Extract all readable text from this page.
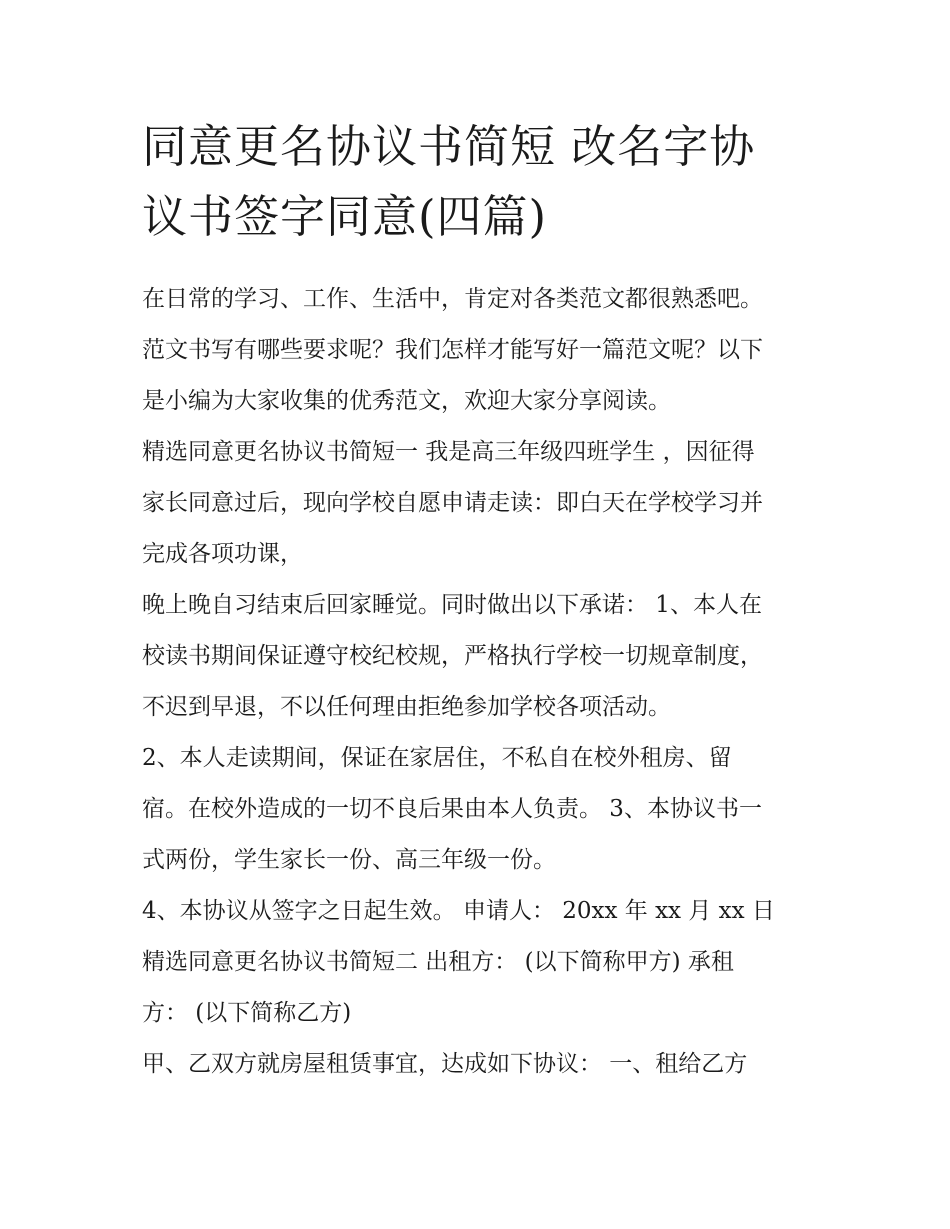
同意更名协议书简短 改名字协
议书签字同意(四篇)
在日常的学习、工作、生活中，肯定对各类范文都很熟悉吧。
范文书写有哪些要求呢？我们怎样才能写好一篇范文呢？以下
是小编为大家收集的优秀范文，欢迎大家分享阅读。
精选同意更名协议书简短一 我是高三年级四班学生 ，因征得
家长同意过后，现向学校自愿申请走读：即白天在学校学习并
完成各项功课，
晚上晚自习结束后回家睡觉。同时做出以下承诺： 1、本人在
校读书期间保证遵守校纪校规，严格执行学校一切规章制度，
不迟到早退，不以任何理由拒绝参加学校各项活动。
2、本人走读期间，保证在家居住，不私自在校外租房、留
宿。在校外造成的一切不良后果由本人负责。 3、本协议书一
式两份，学生家长一份、高三年级一份。
4、本协议从签字之日起生效。 申请人： 20xx 年 xx 月 xx 日
精选同意更名协议书简短二 出租方： (以下简称甲方) 承租
方： (以下简称乙方)
甲、乙双方就房屋租赁事宜，达成如下协议： 一、租给乙方
